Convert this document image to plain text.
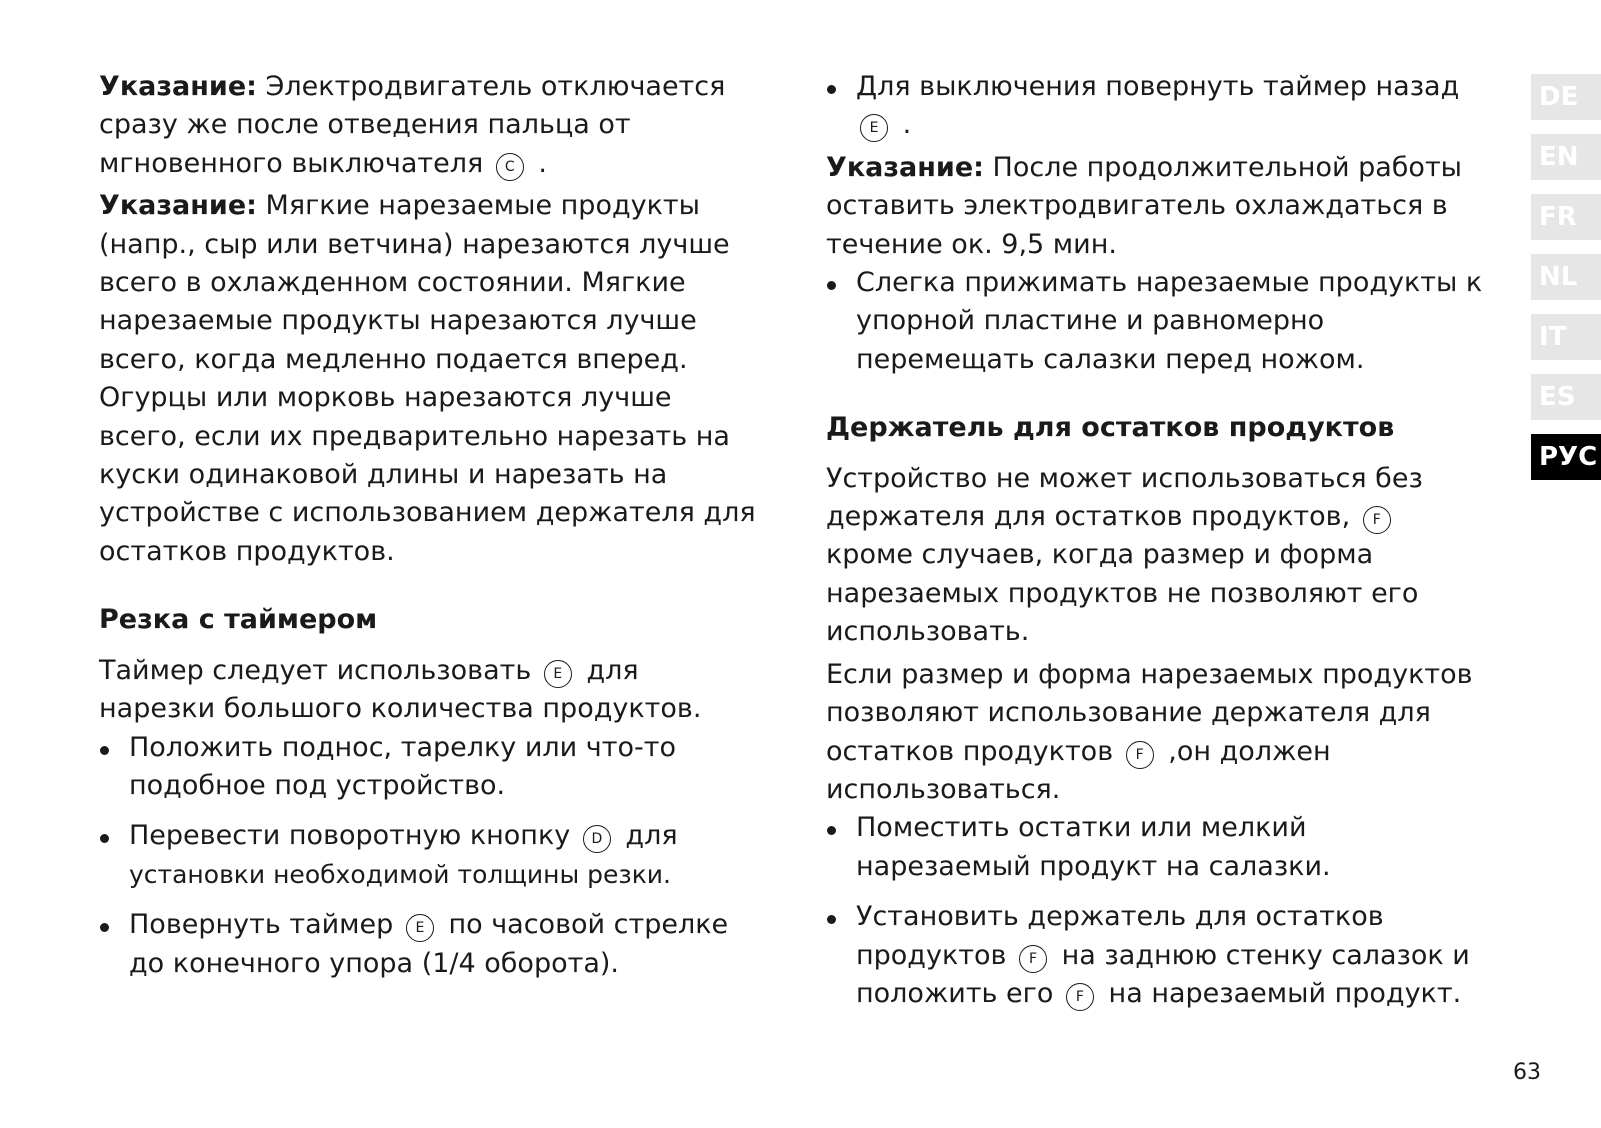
Указание: Электродвигатель отключается сразу же после отведения пальца от мгновенного выключателя C .

Указание: Мягкие нарезаемые продукты (напр., сыр или ветчина) нарезаются лучше всего в охлажденном состоянии. Мягкие нарезаемые продукты нарезаются лучше всего, когда медленно подается вперед. Огурцы или морковь нарезаются лучше всего, если их предварительно нарезать на куски одинаковой длины и нарезать на устройстве с использованием держателя для остатков продуктов.

Резка с таймером

Таймер следует использовать E для нарезки большого количества продуктов.

Положить поднос, тарелку или что-то подобное под устройство.
Перевести поворотную кнопку D для
установки необходимой толщины резки.
Повернуть таймер E по часовой стрелке до конечного упора (1/4 оборота).
Для выключения повернуть таймер назад E .

Указание: После продолжительной работы оставить электродвигатель охлаждаться в течение ок. 9,5 мин.

Слегка прижимать нарезаемые продукты к упорной пластине и равномерно перемещать салазки перед ножом.
Держатель для остатков продуктов

Устройство не может использоваться без держателя для остатков продуктов, F кроме случаев, когда размер и форма нарезаемых продуктов не позволяют его использовать.

Если размер и форма нарезаемых продуктов позволяют использование держателя для остатков продуктов F ,он должен использоваться.

Поместить остатки или мелкий нарезаемый продукт на салазки.
Установить держатель для остатков продуктов F на заднюю стенку салазок и положить его F на нарезаемый продукт.
DE
EN
FR
NL
IT
ES
РУС
63
